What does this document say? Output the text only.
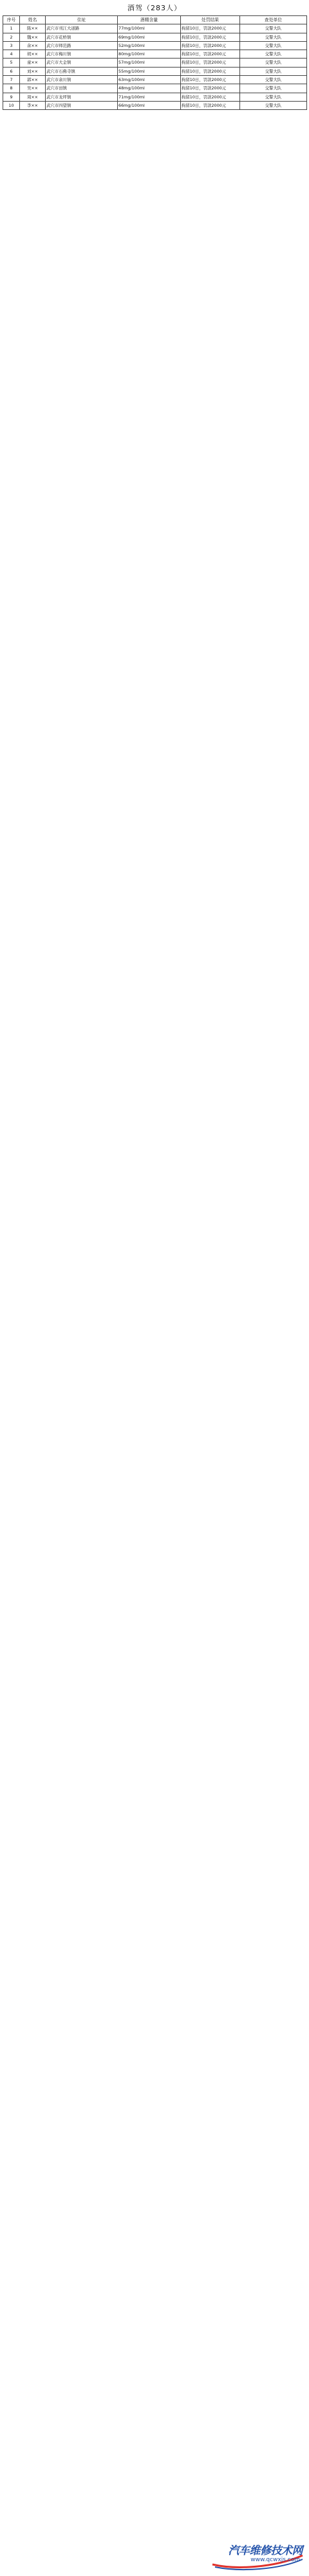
酒驾（283人）
序号	姓名	住址	酒精含量	处罚结果	查处单位
1	陈××	武穴市刊江大道路	77mg/100ml	拘留10日，罚款2000元	交警大队
2	魏××	武穴市花桥镇	69mg/100ml	拘留10日，罚款2000元	交警大队
3	余××	武穴市师范路	52mg/100ml	拘留10日，罚款2000元	交警大队
4	胡××	武穴市梅川镇	80mg/100ml	拘留10日，罚款2000元	交警大队
5	童××	武穴市大金镇	57mg/100ml	拘留10日，罚款2000元	交警大队
6	刘××	武穴市石佛寺镇	55mg/100ml	拘留10日，罚款2000元	交警大队
7	郭××	武穴市余川镇	63mg/100ml	拘留10日，罚款2000元	交警大队
8	吴××	武穴市田镇	48mg/100ml	拘留10日，罚款2000元	交警大队
9	周××	武穴市龙坪镇	71mg/100ml	拘留10日，罚款2000元	交警大队
10	李××	武穴市四望镇	66mg/100ml	拘留10日，罚款2000元	交警大队
汽车维修技术网
www.qcwxjs.com
